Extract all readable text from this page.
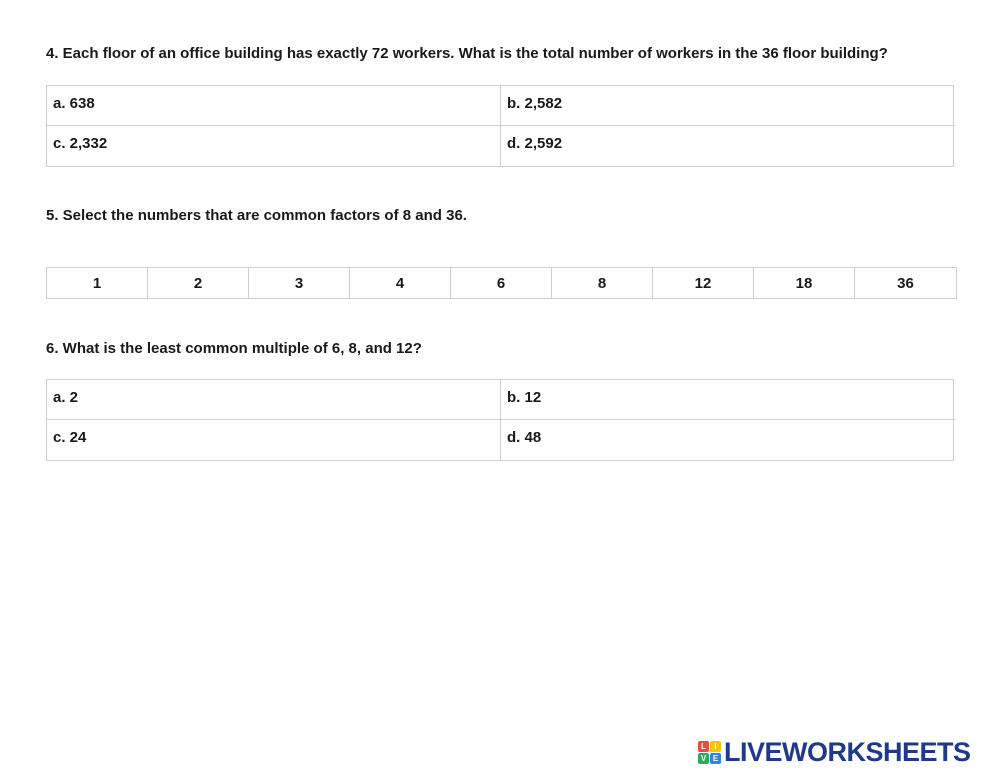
4. Each floor of an office building has exactly 72 workers. What is the total number of workers in the 36 floor building?
a. 638	b. 2,582
c. 2,332	d. 2,592
5. Select the numbers that are common factors of 8 and 36.
1	2	3	4	6	8	12	18	36
6. What is the least common multiple of 6, 8, and 12?
a. 2	b. 12
c. 24	d. 48
L	I
V E LIVEWORKSHEETS
